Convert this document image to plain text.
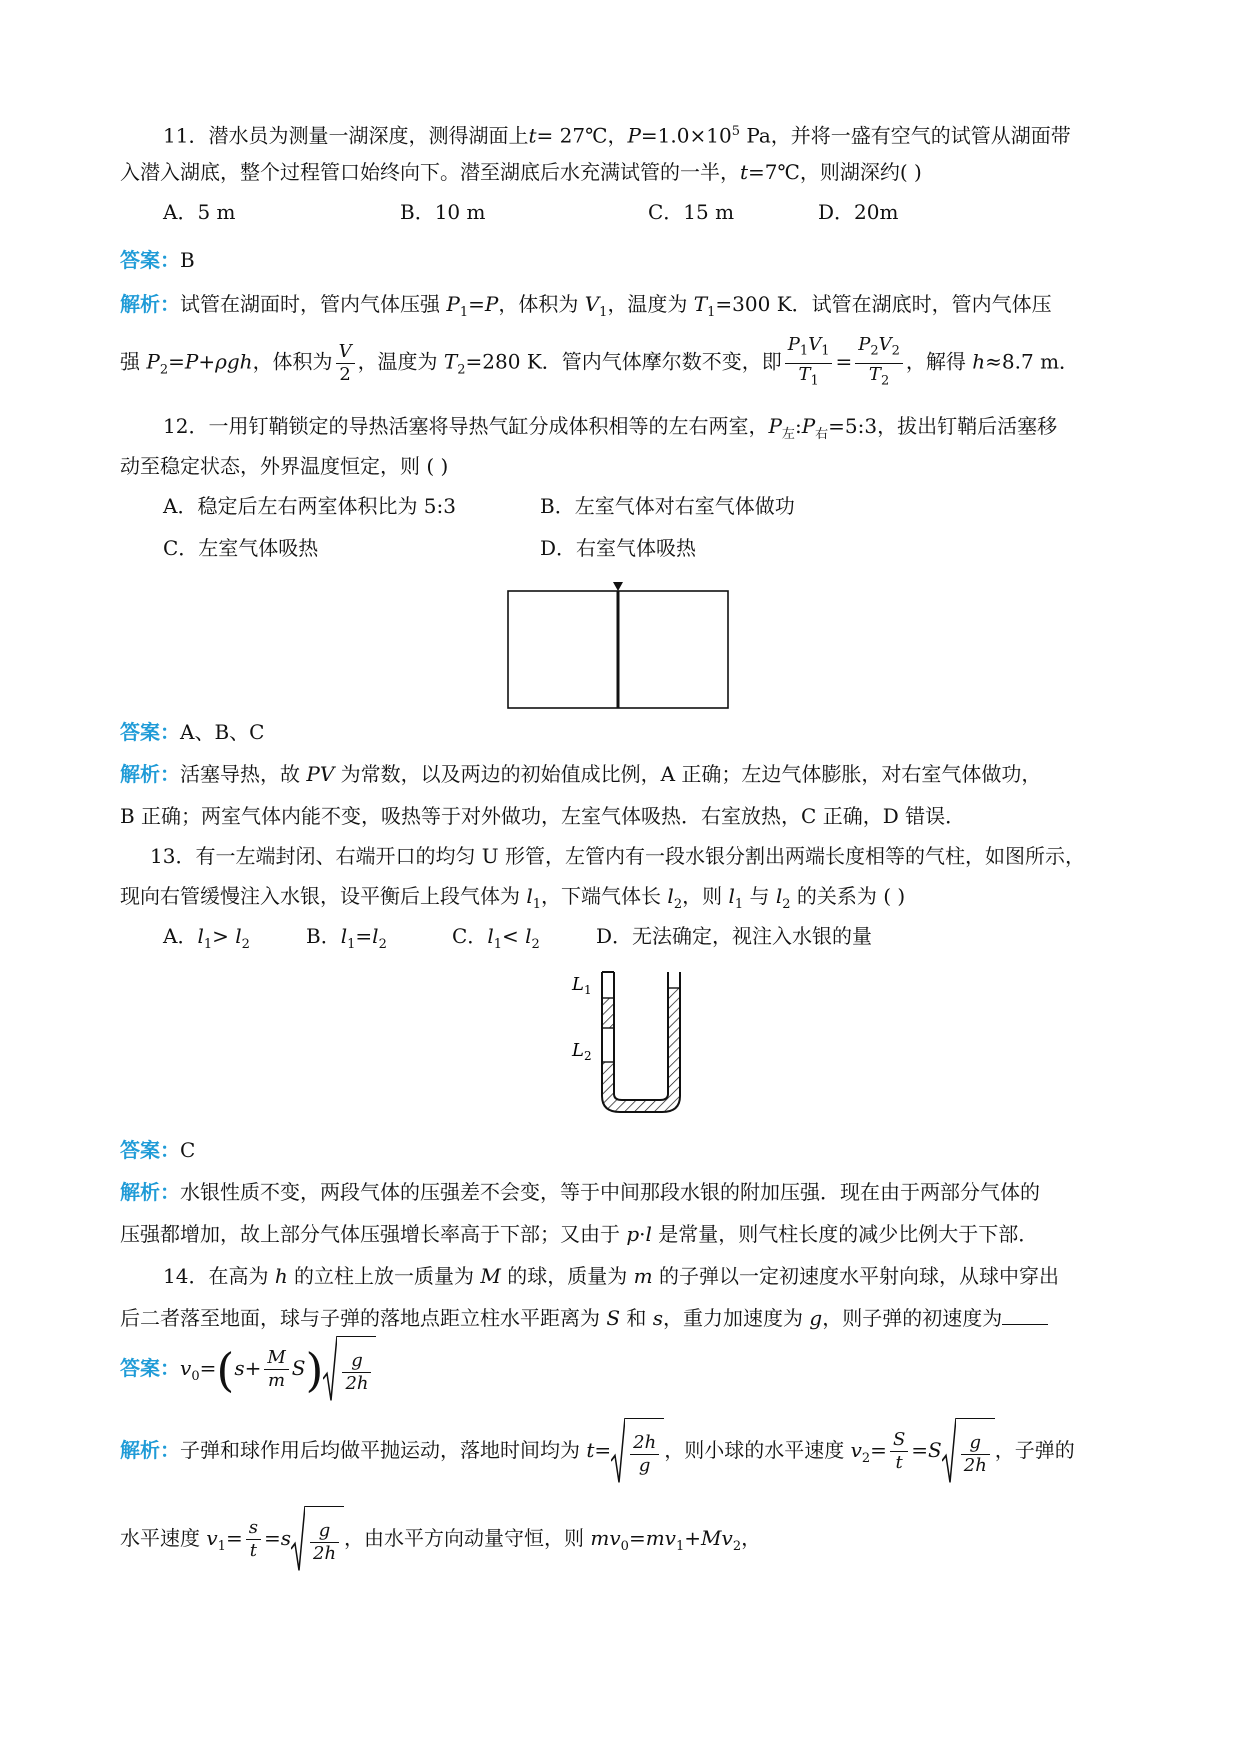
11．潜水员为测量一湖深度，测得湖面上t= 27℃，$P=1.0\times 10^5$ Pa，并将一盛有空气的试管从湖面带
入潜入湖底，整个过程管口始终向下。潜至湖底后水充满试管的一半，t=7℃，则湖深约( )
A．5 m	B．10 m	C．15 m	D．20m
答案：B
解析：试管在湖面时，管内气体压强 $P_1=P$，体积为 $V_1$，温度为 $T_1=300$ K．试管在湖底时，管内气体压
强 $P_2=P+\rho gh$，体积为 $\frac{V}{2}$ ，温度为 $T_2=280$ K．管内气体摩尔数不变，即 $\frac{P_1V_1}{T_1} = \frac{P_2V_2}{T_2}$ ，解得 h≈8.7 m．
12．一用钉鞘锁定的导热活塞将导热气缸分成体积相等的左右两室，$P_左:P_右=5:3$，拔出钉鞘后活塞移
动至稳定状态，外界温度恒定，则 ( )
A．稳定后左右两室体积比为 5:3	B．左室气体对右室气体做功
C．左室气体吸热	D．右室气体吸热
答案：A、B、C
解析：活塞导热，故 PV 为常数，以及两边的初始值成比例，A 正确；左边气体膨胀，对右室气体做功，
B 正确；两室气体内能不变，吸热等于对外做功，左室气体吸热．右室放热，C 正确，D 错误．
13．有一左端封闭、右端开口的均匀 U 形管，左管内有一段水银分割出两端长度相等的气柱，如图所示，
现向右管缓慢注入水银，设平衡后上段气体为 $l_1$，下端气体长 $l_2$，则 $l_1$ 与 $l_2$ 的关系为 ( )
A．$l_1> l_2$	B．$l_1=l_2$	C．$l_1< l_2$	D．无法确定，视注入水银的量
$L_1$
$L_2$
答案：C
解析：水银性质不变，两段气体的压强差不会变，等于中间那段水银的附加压强．现在由于两部分气体的
压强都增加，故上部分气体压强增长率高于下部；又由于 p·l 是常量，则气柱长度的减少比例大于下部．
14．在高为 h 的立柱上放一质量为 M 的球，质量为 m 的子弹以一定初速度水平射向球，从球中穿出
后二者落至地面，球与子弹的落地点距立柱水平距离为 S 和 s，重力加速度为 g，则子弹的初速度为
答案：$v_0=(s+ \frac{M}{m} S) \frac{g}{2h}$
解析：子弹和球作用后均做平抛运动，落地时间均为 $t= \frac{2h}{g}$ ，则小球的水平速度 $v_2= \frac{S}{t} =S \frac{g}{2h}$ ，子弹的
水平速度 $v_1= \frac{s}{t} =s \frac{g}{2h}$ ，由水平方向动量守恒，则 $mv_0=mv_1+Mv_2$，
